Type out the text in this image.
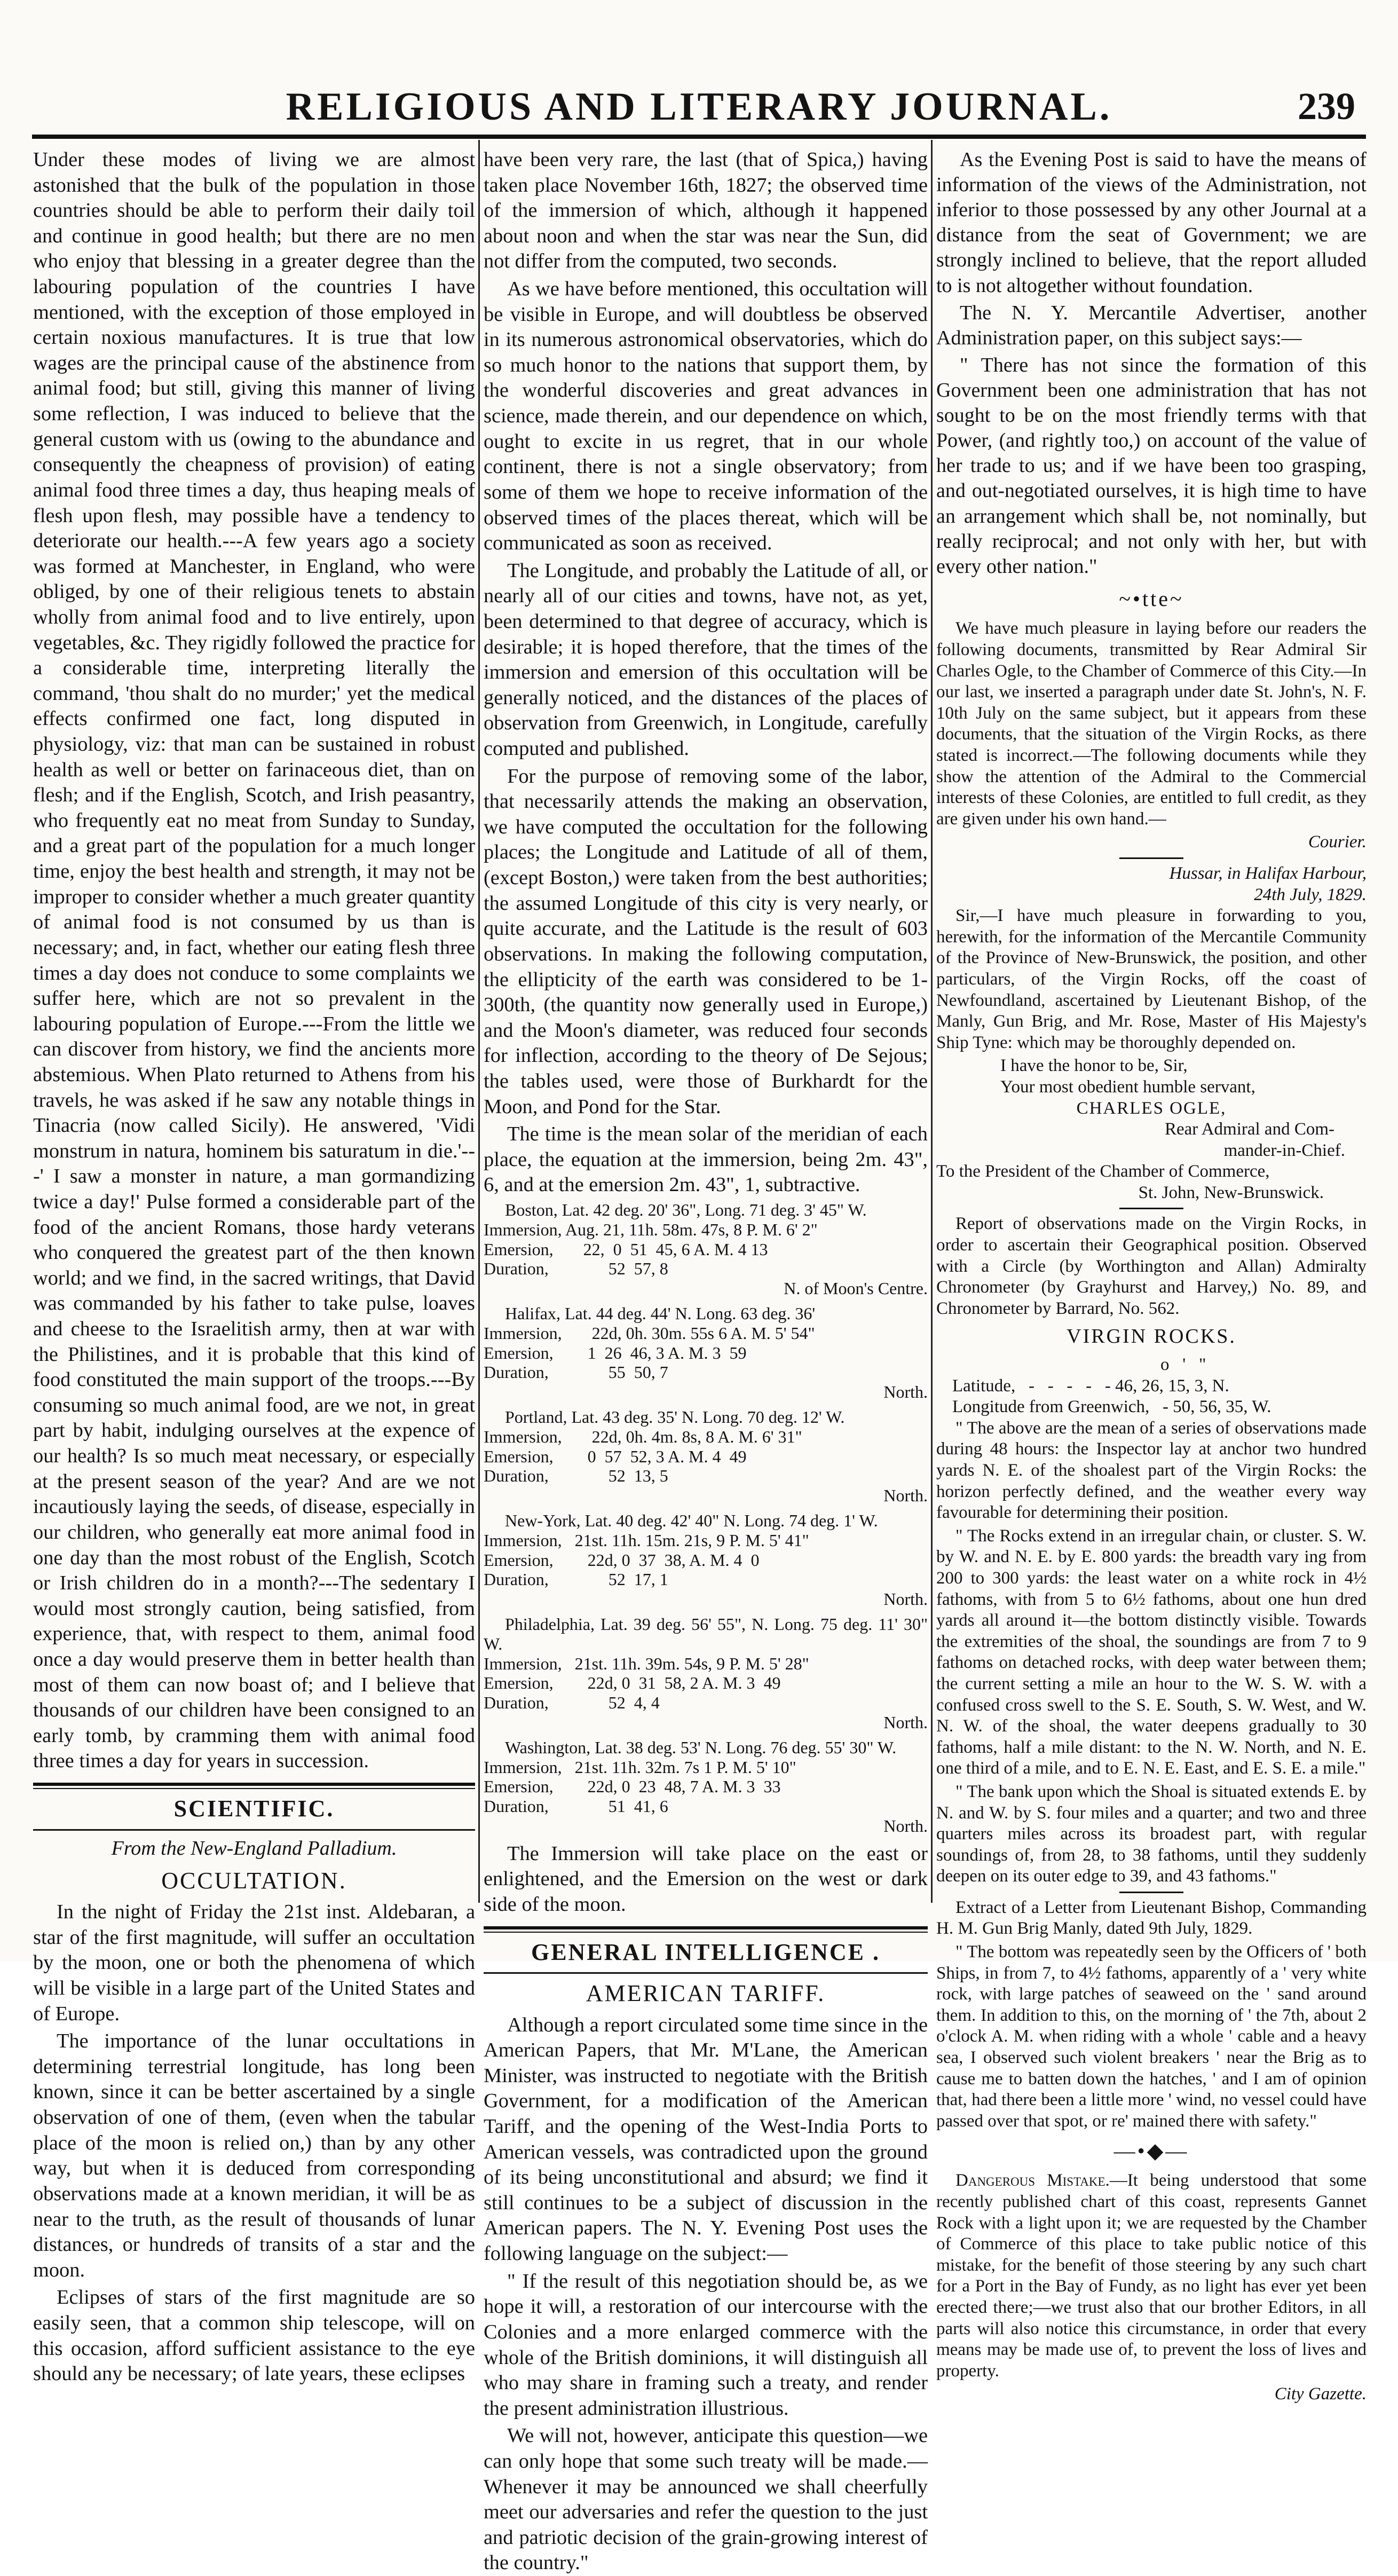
RELIGIOUS AND LITERARY JOURNAL.	239

Under these modes of living we are almost astonished that the bulk of the population in those countries should be able to perform their daily toil and continue in good health; but there are no men who enjoy that blessing in a greater degree than the labouring population of the countries I have mentioned, with the exception of those employed in certain noxious manufactures. It is true that low wages are the principal cause of the abstinence from animal food; but still, giving this manner of living some reflection, I was induced to believe that the general custom with us (owing to the abundance and consequently the cheapness of provision) of eating animal food three times a day, thus heaping meals of flesh upon flesh, may possible have a tendency to deteriorate our health.---A few years ago a society was formed at Manchester, in England, who were obliged, by one of their religious tenets to abstain wholly from animal food and to live entirely, upon vegetables, &c. They rigidly followed the practice for a considerable time, interpreting literally the command, 'thou shalt do no murder;' yet the medical effects confirmed one fact, long disputed in physiology, viz: that man can be sustained in robust health as well or better on farinaceous diet, than on flesh; and if the English, Scotch, and Irish peasantry, who frequently eat no meat from Sunday to Sunday, and a great part of the population for a much longer time, enjoy the best health and strength, it may not be improper to consider whether a much greater quantity of animal food is not consumed by us than is necessary; and, in fact, whether our eating flesh three times a day does not conduce to some complaints we suffer here, which are not so prevalent in the labouring population of Europe.---From the little we can discover from history, we find the ancients more abstemious. When Plato returned to Athens from his travels, he was asked if he saw any notable things in Tinacria (now called Sicily). He answered, 'Vidi monstrum in natura, hominem bis saturatum in die.'---' I saw a monster in nature, a man gormandizing twice a day!' Pulse formed a considerable part of the food of the ancient Romans, those hardy veterans who conquered the greatest part of the then known world; and we find, in the sacred writings, that David was commanded by his father to take pulse, loaves and cheese to the Israelitish army, then at war with the Philistines, and it is probable that this kind of food constituted the main support of the troops.---By consuming so much animal food, are we not, in great part by habit, indulging ourselves at the expence of our health? Is so much meat necessary, or especially at the present season of the year? And are we not incautiously laying the seeds, of disease, especially in our children, who generally eat more animal food in one day than the most robust of the English, Scotch or Irish children do in a month?---The sedentary I would most strongly caution, being satisfied, from experience, that, with respect to them, animal food once a day would preserve them in better health than most of them can now boast of; and I believe that thousands of our children have been consigned to an early tomb, by cramming them with animal food three times a day for years in succession.

SCIENTIFIC.
From the New-England Palladium.
OCCULTATION.

In the night of Friday the 21st inst. Aldebaran, a star of the first magnitude, will suffer an occultation by the moon, one or both the phenomena of which will be visible in a large part of the United States and of Europe.

The importance of the lunar occultations in determining terrestrial longitude, has long been known, since it can be better ascertained by a single observation of one of them, (even when the tabular place of the moon is relied on,) than by any other way, but when it is deduced from corresponding observations made at a known meridian, it will be as near to the truth, as the result of thousands of lunar distances, or hundreds of transits of a star and the moon.

Eclipses of stars of the first magnitude are so easily seen, that a common ship telescope, will on this occasion, afford sufficient assistance to the eye should any be necessary; of late years, these eclipses

have been very rare, the last (that of Spica,) having taken place November 16th, 1827; the observed time of the immersion of which, although it happened about noon and when the star was near the Sun, did not differ from the computed, two seconds.

As we have before mentioned, this occultation will be visible in Europe, and will doubtless be observed in its numerous astronomical observatories, which do so much honor to the nations that support them, by the wonderful discoveries and great advances in science, made therein, and our dependence on which, ought to excite in us regret, that in our whole continent, there is not a single observatory; from some of them we hope to receive information of the observed times of the places thereat, which will be communicated as soon as received.

The Longitude, and probably the Latitude of all, or nearly all of our cities and towns, have not, as yet, been determined to that degree of accuracy, which is desirable; it is hoped therefore, that the times of the immersion and emersion of this occultation will be generally noticed, and the distances of the places of observation from Greenwich, in Longitude, carefully computed and published.

For the purpose of removing some of the labor, that necessarily attends the making an observation, we have computed the occultation for the following places; the Longitude and Latitude of all of them, (except Boston,) were taken from the best authorities; the assumed Longitude of this city is very nearly, or quite accurate, and the Latitude is the result of 603 observations. In making the following computation, the ellipticity of the earth was considered to be 1-300th, (the quantity now generally used in Europe,) and the Moon's diameter, was reduced four seconds for inflection, according to the theory of De Sejous; the tables used, were those of Burkhardt for the Moon, and Pond for the Star.

The time is the mean solar of the meridian of each place, the equation at the immersion, being 2m. 43", 6, and at the emersion 2m. 43", 1, subtractive.

Boston, Lat. 42 deg. 20' 36", Long. 71 deg. 3' 45" W.
Immersion, Aug. 21, 11h. 58m. 47s, 8 P. M. 6' 2"
Emersion,       22,  0  51  45, 6 A. M. 4 13
Duration,              52  57, 8
N. of Moon's Centre.
Halifax, Lat. 44 deg. 44' N. Long. 63 deg. 36'
Immersion,       22d, 0h. 30m. 55s 6 A. M. 5' 54"
Emersion,        1  26  46, 3 A. M. 3  59
Duration,              55  50, 7
North.
Portland, Lat. 43 deg. 35' N. Long. 70 deg. 12' W.
Immersion,       22d, 0h. 4m. 8s, 8 A. M. 6' 31"
Emersion,        0  57  52, 3 A. M. 4  49
Duration,              52  13, 5
North.
New-York, Lat. 40 deg. 42' 40" N. Long. 74 deg. 1' W.
Immersion,   21st. 11h. 15m. 21s, 9 P. M. 5' 41"
Emersion,        22d, 0  37  38, A. M. 4  0
Duration,              52  17, 1
North.
Philadelphia, Lat. 39 deg. 56' 55", N. Long. 75 deg. 11' 30" W.
Immersion,   21st. 11h. 39m. 54s, 9 P. M. 5' 28"
Emersion,        22d, 0  31  58, 2 A. M. 3  49
Duration,              52  4, 4
North.
Washington, Lat. 38 deg. 53' N. Long. 76 deg. 55' 30" W.
Immersion,   21st. 11h. 32m. 7s 1 P. M. 5' 10"
Emersion,        22d, 0  23  48, 7 A. M. 3  33
Duration,              51  41, 6
North.

The Immersion will take place on the east or enlightened, and the Emersion on the west or dark side of the moon.

GENERAL INTELLIGENCE .
AMERICAN TARIFF.

Although a report circulated some time since in the American Papers, that Mr. M'Lane, the American Minister, was instructed to negotiate with the British Government, for a modification of the American Tariff, and the opening of the West-India Ports to American vessels, was contradicted upon the ground of its being unconstitutional and absurd; we find it still continues to be a subject of discussion in the American papers. The N. Y. Evening Post uses the following language on the subject:—

" If the result of this negotiation should be, as we hope it will, a restoration of our intercourse with the Colonies and a more enlarged commerce with the whole of the British dominions, it will distinguish all who may share in framing such a treaty, and render the present administration illustrious.

We will not, however, anticipate this question—we can only hope that some such treaty will be made.—Whenever it may be announced we shall cheerfully meet our adversaries and refer the question to the just and patriotic decision of the grain-growing interest of the country."

As the Evening Post is said to have the means of information of the views of the Administration, not inferior to those possessed by any other Journal at a distance from the seat of Government; we are strongly inclined to believe, that the report alluded to is not altogether without foundation.

The N. Y. Mercantile Advertiser, another Administration paper, on this subject says:—

" There has not since the formation of this Government been one administration that has not sought to be on the most friendly terms with that Power, (and rightly too,) on account of the value of her trade to us; and if we have been too grasping, and out-negotiated ourselves, it is high time to have an arrangement which shall be, not nominally, but really reciprocal; and not only with her, but with every other nation."

~•tte~

We have much pleasure in laying before our readers the following documents, transmitted by Rear Admiral Sir Charles Ogle, to the Chamber of Commerce of this City.—In our last, we inserted a paragraph under date St. John's, N. F. 10th July on the same subject, but it appears from these documents, that the situation of the Virgin Rocks, as there stated is incorrect.—The following documents while they show the attention of the Admiral to the Commercial interests of these Colonies, are entitled to full credit, as they are given under his own hand.—

Courier.
Hussar, in Halifax Harbour,
24th July, 1829.

Sir,—I have much pleasure in forwarding to you, herewith, for the information of the Mercantile Community of the Province of New-Brunswick, the position, and other particulars, of the Virgin Rocks, off the coast of Newfoundland, ascertained by Lieutenant Bishop, of the Manly, Gun Brig, and Mr. Rose, Master of His Majesty's Ship Tyne: which may be thoroughly depended on.

I have the honor to be, Sir,
Your most obedient humble servant,
CHARLES OGLE,
Rear Admiral and Com-
mander-in-Chief.
To the President of the Chamber of Commerce,
St. John, New-Brunswick.

Report of observations made on the Virgin Rocks, in order to ascertain their Geographical position. Observed with a Circle (by Worthington and Allan) Admiralty Chronometer (by Grayhurst and Harvey,) No. 89, and Chronometer by Barrard, No. 562.

VIRGIN ROCKS.
o   '   "
Latitude,   -   -   -   -   - 46, 26, 15, 3, N.
Longitude from Greenwich,   - 50, 56, 35, W.

" The above are the mean of a series of observations made during 48 hours: the Inspector lay at anchor two hundred yards N. E. of the shoalest part of the Virgin Rocks: the horizon perfectly defined, and the weather every way favourable for determining their position.

" The Rocks extend in an irregular chain, or cluster. S. W. by W. and N. E. by E. 800 yards: the breadth vary ing from 200 to 300 yards: the least water on a white rock in 4½ fathoms, with from 5 to 6½ fathoms, about one hun dred yards all around it—the bottom distinctly visible. Towards the extremities of the shoal, the soundings are from 7 to 9 fathoms on detached rocks, with deep water between them; the current setting a mile an hour to the W. S. W. with a confused cross swell to the S. E. South, S. W. West, and W. N. W. of the shoal, the water deepens gradually to 30 fathoms, half a mile distant: to the N. W. North, and N. E. one third of a mile, and to E. N. E. East, and E. S. E. a mile."

" The bank upon which the Shoal is situated extends E. by N. and W. by S. four miles and a quarter; and two and three quarters miles across its broadest part, with regular soundings of, from 28, to 38 fathoms, until they suddenly deepen on its outer edge to 39, and 43 fathoms."

Extract of a Letter from Lieutenant Bishop, Commanding H. M. Gun Brig Manly, dated 9th July, 1829.

" The bottom was repeatedly seen by the Officers of ' both Ships, in from 7, to 4½ fathoms, apparently of a ' very white rock, with large patches of seaweed on the ' sand around them. In addition to this, on the morning of ' the 7th, about 2 o'clock A. M. when riding with a whole ' cable and a heavy sea, I observed such violent breakers ' near the Brig as to cause me to batten down the hatches, ' and I am of opinion that, had there been a little more ' wind, no vessel could have passed over that spot, or re' mained there with safety."

—•◆—

Dangerous Mistake.—It being understood that some recently published chart of this coast, represents Gannet Rock with a light upon it; we are requested by the Chamber of Commerce of this place to take public notice of this mistake, for the benefit of those steering by any such chart for a Port in the Bay of Fundy, as no light has ever yet been erected there;—we trust also that our brother Editors, in all parts will also notice this circumstance, in order that every means may be made use of, to prevent the loss of lives and property.

City Gazette.
